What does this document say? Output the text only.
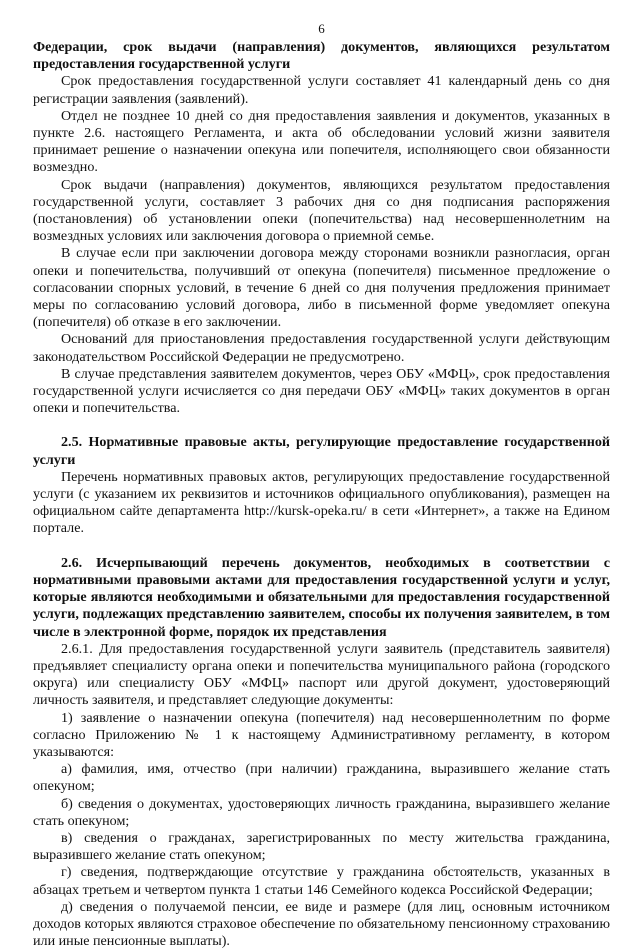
6

Федерации, срок выдачи (направления) документов, являющихся результатом предоставления государственной услуги

Срок предоставления государственной услуги составляет 41 календарный день со дня регистрации заявления (заявлений).

Отдел не позднее 10 дней со дня предоставления заявления и документов, указанных в пункте 2.6. настоящего Регламента, и акта об обследовании условий жизни заявителя принимает решение о назначении опекуна или попечителя, исполняющего свои обязанности возмездно.

Срок выдачи (направления) документов, являющихся результатом предоставления государственной услуги, составляет 3 рабочих дня со дня подписания распоряжения (постановления) об установлении опеки (попечительства) над несовершеннолетним на возмездных условиях или заключения договора о приемной семье.

В случае если при заключении договора между сторонами возникли разногласия, орган опеки и попечительства, получивший от опекуна (попечителя) письменное предложение о согласовании спорных условий, в течение 6 дней со дня получения предложения принимает меры по согласованию условий договора, либо в письменной форме уведомляет опекуна (попечителя) об отказе в его заключении.

Оснований для приостановления предоставления государственной услуги действующим законодательством Российской Федерации не предусмотрено.

В случае представления заявителем документов, через ОБУ «МФЦ», срок предоставления государственной услуги исчисляется со дня передачи ОБУ «МФЦ» таких документов в орган опеки и попечительства.

2.5. Нормативные правовые акты, регулирующие предоставление государственной услуги

Перечень нормативных правовых актов, регулирующих предоставление государственной услуги (с указанием их реквизитов и источников официального опубликования), размещен на официальном сайте департамента http://kursk-opeka.ru/ в сети «Интернет», а также на Едином портале.

2.6. Исчерпывающий перечень документов, необходимых в соответствии с нормативными правовыми актами для предоставления государственной услуги и услуг, которые являются необходимыми и обязательными для предоставления государственной услуги, подлежащих представлению заявителем, способы их получения заявителем, в том числе в электронной форме, порядок их представления

2.6.1. Для предоставления государственной услуги заявитель (представитель заявителя) предъявляет специалисту органа опеки и попечительства муниципального района (городского округа) или специалисту ОБУ «МФЦ» паспорт или другой документ, удостоверяющий личность заявителя, и представляет следующие документы:

1) заявление о назначении опекуна (попечителя) над несовершеннолетним по форме согласно Приложению № 1 к настоящему Административному регламенту, в котором указываются:

а) фамилия, имя, отчество (при наличии) гражданина, выразившего желание стать опекуном;

б) сведения о документах, удостоверяющих личность гражданина, выразившего желание стать опекуном;

в) сведения о гражданах, зарегистрированных по месту жительства гражданина, выразившего желание стать опекуном;

г) сведения, подтверждающие отсутствие у гражданина обстоятельств, указанных в абзацах третьем и четвертом пункта 1 статьи 146 Семейного кодекса Российской Федерации;

д) сведения о получаемой пенсии, ее виде и размере (для лиц, основным источником доходов которых являются страховое обеспечение по обязательному пенсионному страхованию или иные пенсионные выплаты).
